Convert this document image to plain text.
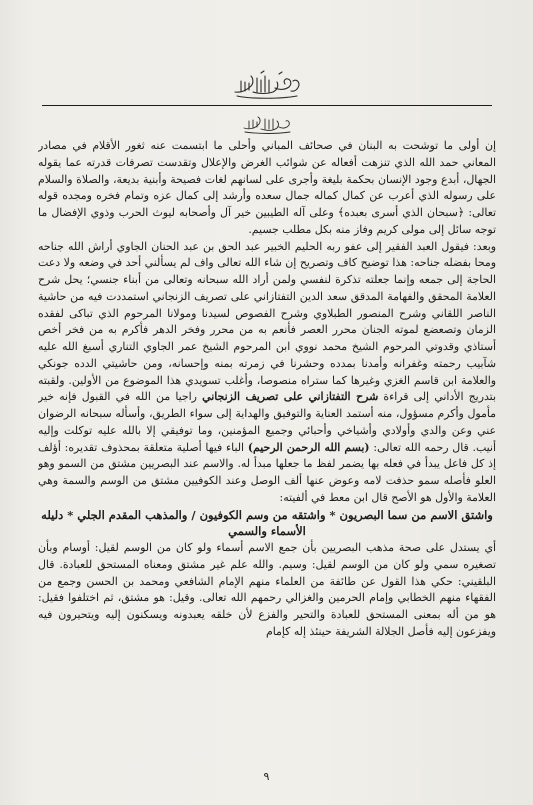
إن أولى ما توشحت به البنان في صحائف المباني وأحلى ما ابتسمت عنه ثغور الأقلام في مصادر المعاني حمد الله الذي تنزهت أفعاله عن شوائب الغرض والإعلال وتقدست تصرفات قدرته عما يقوله الجهال، أبدع وجود الإنسان بحكمة بليغة وأجرى على لسانهم لغات فصيحة وأبنية بديعة، والصلاة والسلام على رسوله الذي أعرب عن كمال كماله جمال سعده وأرشد إلى كمال عزه وتمام فخره ومجده قوله تعالى: ﴿سبحان الذي أسرى بعبده﴾ وعلى آله الطيبين خير آل وأصحابه ليوث الحرب وذوي الإفضال ما توجه سائل إلى مولى كريم وفاز منه بكل مطلب جسيم.

وبعد: فيقول العبد الفقير إلى عفو ربه الحليم الخبير عبد الحق بن عبد الحنان الجاوي أراش الله جناحه ومحا بفضله جناحه: هذا توضيح كاف وتصريح إن شاء الله تعالى واف لم يسألني أحد في وضعه ولا دعت الحاجة إلى جمعه وإنما جعلته تذكرة لنفسي ولمن أراد الله سبحانه وتعالى من أبناء جنسي؛ يحل شرح العلامة المحقق والفهامة المدقق سعد الدين التفتازاني على تصريف الزنجاني استمددت فيه من حاشية الناصر اللقاني وشرح المنصور الطبلاوي وشرح الفصوص لسيدنا ومولانا المرحوم الذي تباكى لفقده الزمان وتصعضع لموته الجنان محرر العصر فأنعم به من محرر وفخر الدهر فأكرم به من فخر أخص أستاذي وقدوتي المرحوم الشيخ محمد نووي ابن المرحوم الشيخ عمر الجاوي التناري أسبغ الله عليه شآبيب رحمته وغفرانه وأمدنا بمدده وحشرنا في زمرته بمنه وإحسانه، ومن حاشيتي الدده جونكي والعلامة ابن قاسم الغزي وغيرها كما ستراه منصوصا، وأغلب تسويدي هذا الموضوع من الأولين. ولقبته بتدريج الأداني إلى قراءة شرح التفتازاني على تصريف الزنجاني راجيا من الله في القبول فإنه خير مأمول وأكرم مسؤول، منه أستمد العناية والتوفيق والهداية إلى سواء الطريق، وأسأله سبحانه الرضوان عني وعن والدي وأولادي وأشياخي وأحبائي وجميع المؤمنين، وما توفيقي إلا بالله عليه توكلت وإليه أنيب. قال رحمه الله تعالى: (بسم الله الرحمن الرحيم) الباء فيها أصلية متعلقة بمحذوف تقديره: أؤلف إذ كل فاعل يبدأ في فعله بها يضمر لفظ ما جعلها مبدأ له. والاسم عند البصريين مشتق من السمو وهو العلو فأصله سمو حذفت لامه وعوض عنها ألف الوصل وعند الكوفيين مشتق من الوسم والسمة وهي العلامة والأول هو الأصح قال ابن معط في ألفيته:

واشتق الاسم من سما البصريون * واشتقه من وسم الكوفيون / والمذهب المقدم الجلي * دليله الأسماء والسمي

أي يستدل على صحة مذهب البصريين بأن جمع الاسم أسماء ولو كان من الوسم لقيل: أوسام وبأن تصغيره سمي ولو كان من الوسم لقيل: وسيم. والله علم غير مشتق ومعناه المستحق للعبادة. قال البلقيني: حكي هذا القول عن طائفة من العلماء منهم الإمام الشافعي ومحمد بن الحسن وجمع من الفقهاء منهم الخطابي وإمام الحرمين والغزالي رحمهم الله تعالى. وقيل: هو مشتق، ثم اختلفوا فقيل: هو من أله بمعنى المستحق للعبادة والتحير والفزع لأن خلقه يعبدونه ويسكنون إليه ويتحيرون فيه ويفزعون إليه فأصل الجلالة الشريفة حينئذ إله كإمام

٩
